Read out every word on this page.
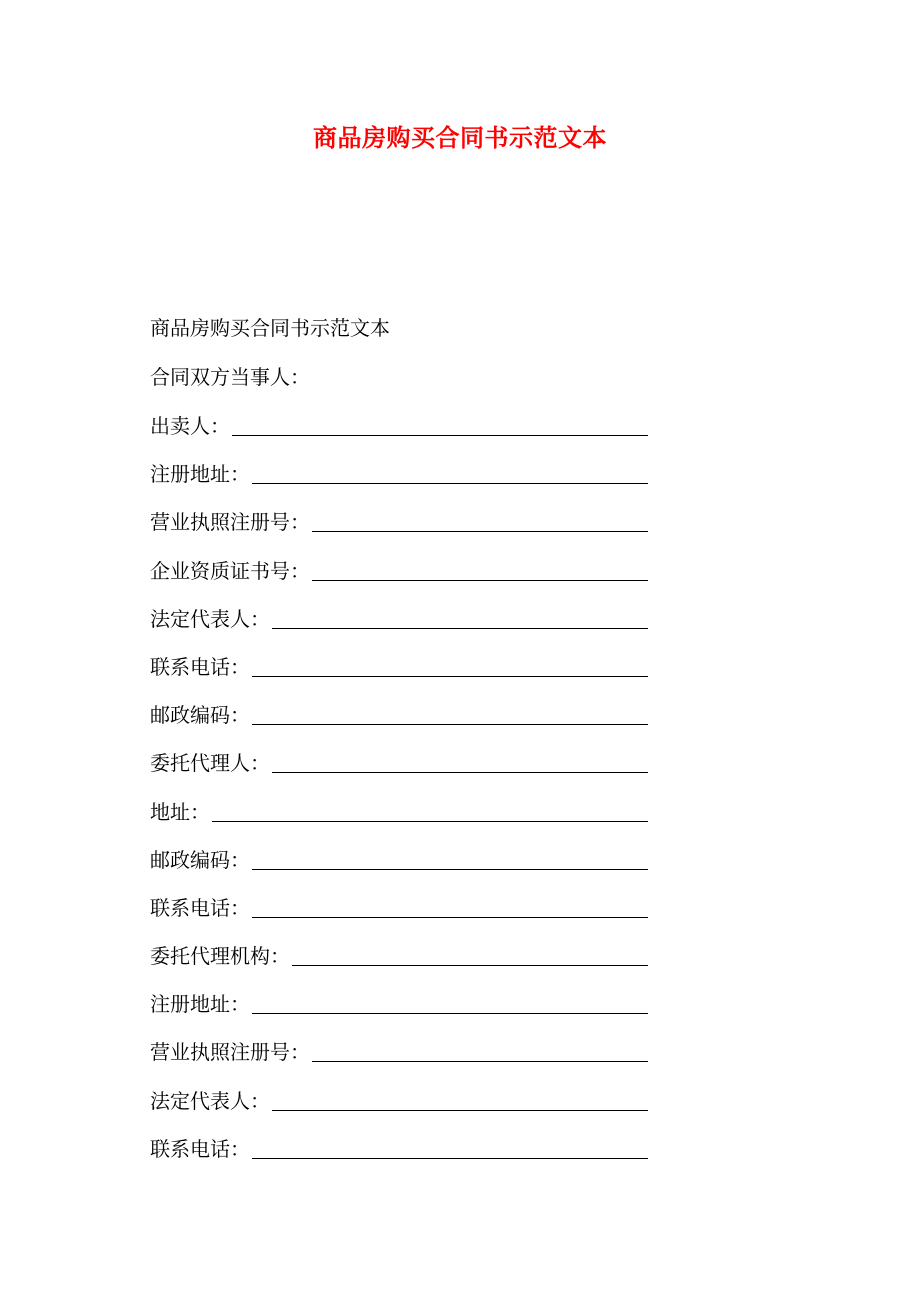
商品房购买合同书示范文本
商品房购买合同书示范文本
合同双方当事人：
出卖人：
注册地址：
营业执照注册号：
企业资质证书号：
法定代表人：
联系电话：
邮政编码：
委托代理人：
地址：
邮政编码：
联系电话：
委托代理机构：
注册地址：
营业执照注册号：
法定代表人：
联系电话：
